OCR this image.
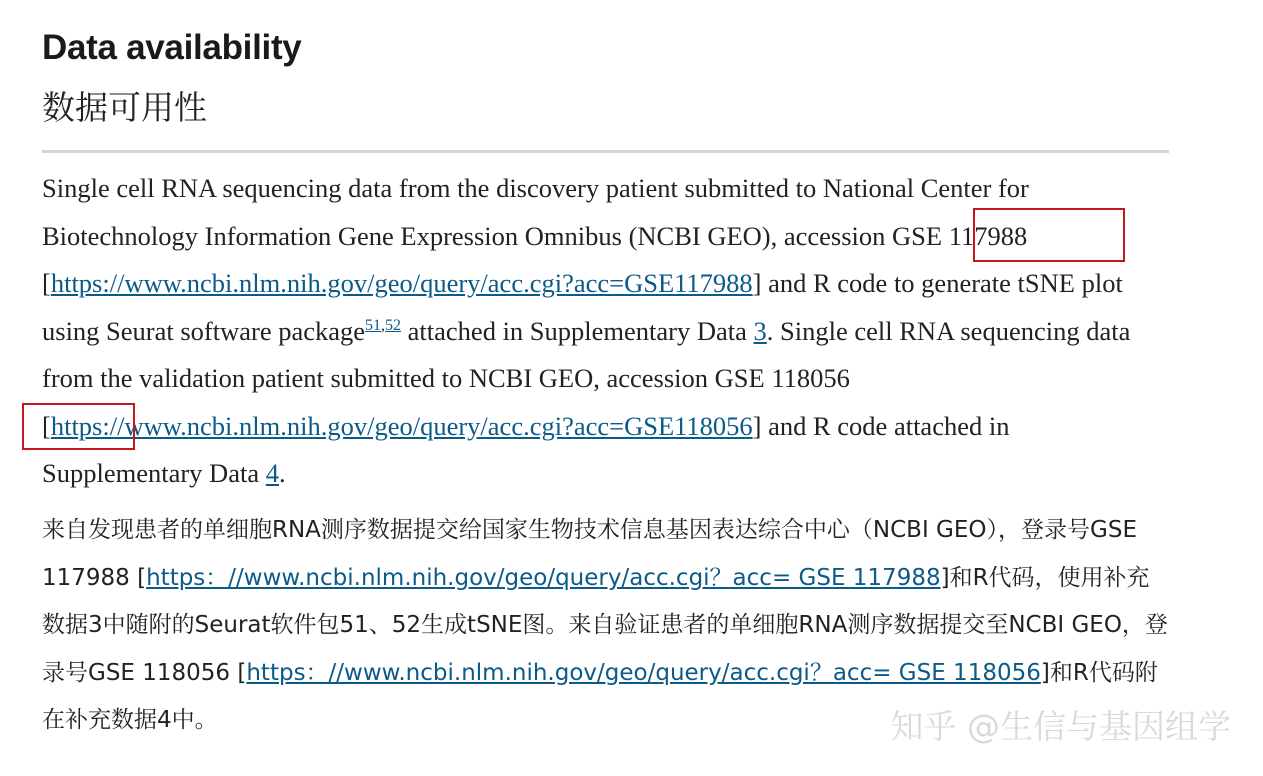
Data availability
数据可用性

Single cell RNA sequencing data from the discovery patient submitted to National Center for Biotechnology Information Gene Expression Omnibus (NCBI GEO), accession GSE 117988 [https://www.ncbi.nlm.nih.gov/geo/query/acc.cgi?acc=GSE117988] and R code to generate tSNE plot using Seurat software package$^{51,52}$ attached in Supplementary Data 3. Single cell RNA sequencing data from the validation patient submitted to NCBI GEO, accession GSE 118056 [https://www.ncbi.nlm.nih.gov/geo/query/acc.cgi?acc=GSE118056] and R code attached in Supplementary Data 4.

来自发现患者的单细胞RNA测序数据提交给国家生物技术信息基因表达综合中心（NCBI GEO），登录号GSE 117988 [https：//www.ncbi.nlm.nih.gov/geo/query/acc.cgi？acc= GSE 117988]和R代码，使用补充数据3中随附的Seurat软件包51、52生成tSNE图。来自验证患者的单细胞RNA测序数据提交至NCBI GEO，登录号GSE 118056 [https：//www.ncbi.nlm.nih.gov/geo/query/acc.cgi？acc= GSE 118056]和R代码附在补充数据4中。	知乎 @生信与基因组学
